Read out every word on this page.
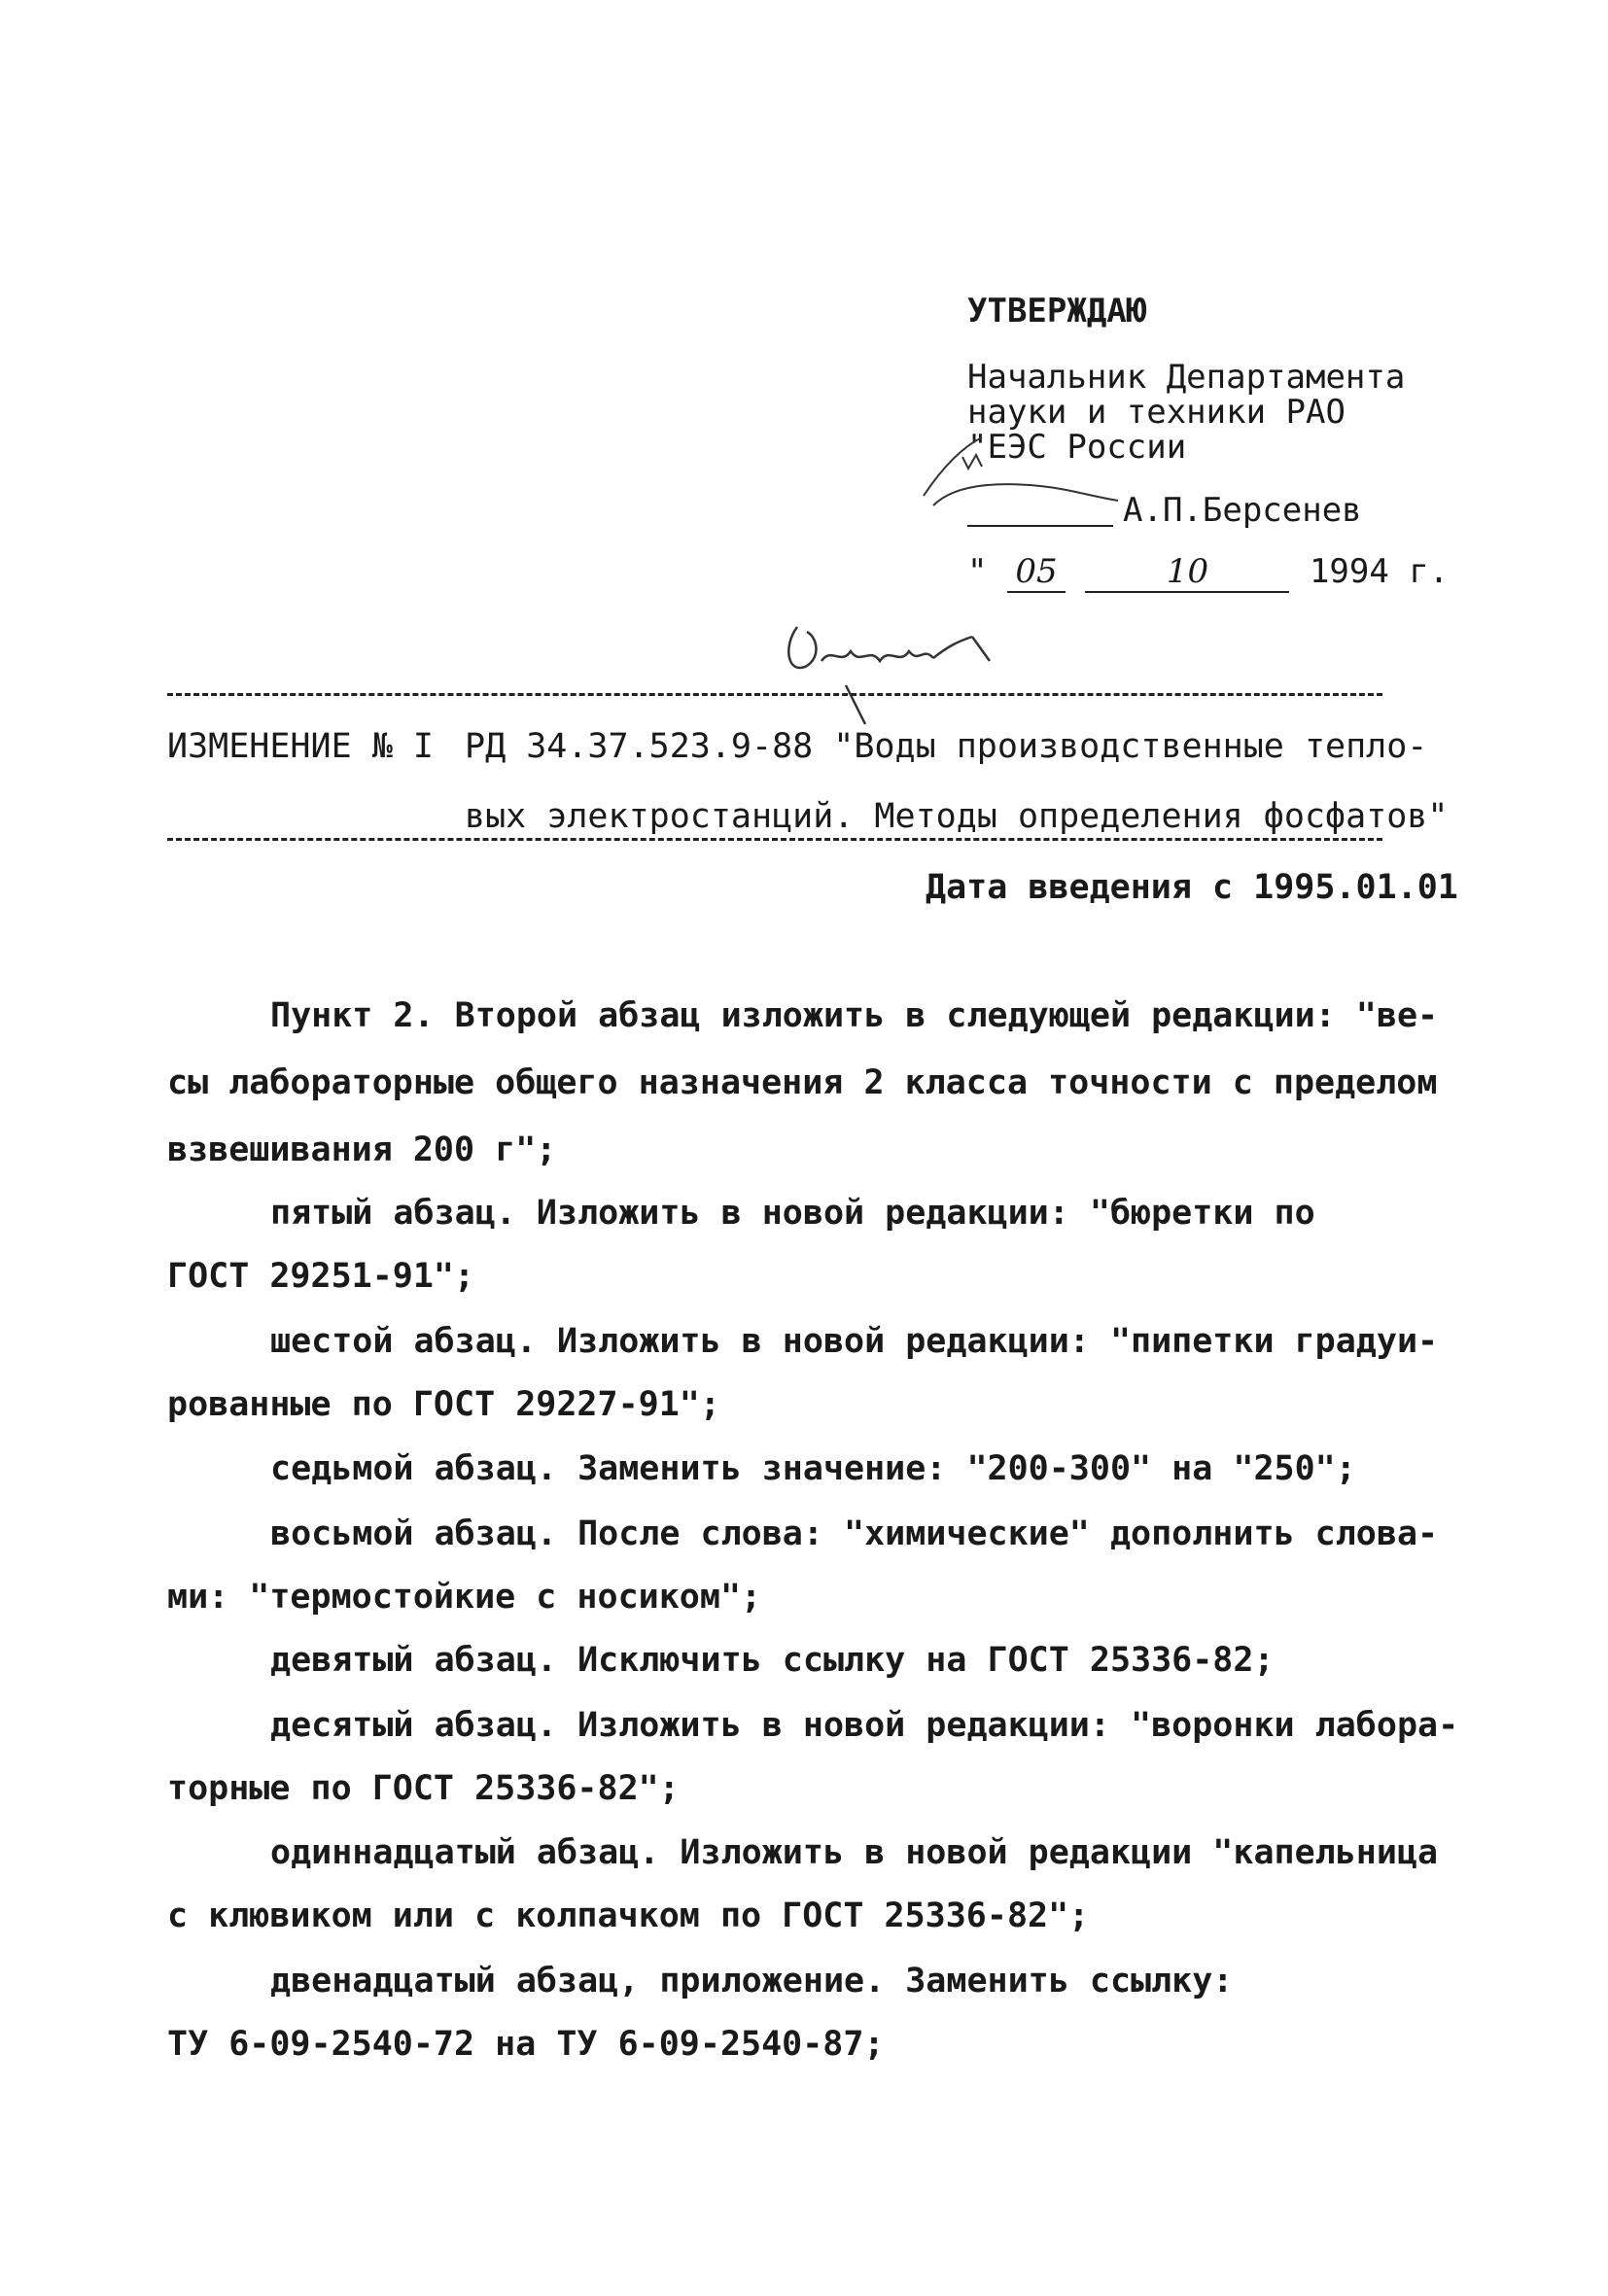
УТВЕРЖДАЮ
Начальник Департамента
науки и техники РАО
"ЕЭС России
А.П.Берсенев
" 05	10	1994 г.
ИЗМЕНЕНИЕ № I РД 34.37.523.9-88 "Воды производственные тепло-
вых электростанций. Методы определения фосфатов"
Дата введения с 1995.01.01
Пункт 2. Второй абзац изложить в следующей редакции: "ве-
сы лабораторные общего назначения 2 класса точности с пределом
взвешивания 200 г";
пятый абзац. Изложить в новой редакции: "бюретки по
ГОСТ 29251-91";
шестой абзац. Изложить в новой редакции: "пипетки градуи-
рованные по ГОСТ 29227-91";
седьмой абзац. Заменить значение: "200-300" на "250";
восьмой абзац. После слова: "химические" дополнить слова-
ми: "термостойкие с носиком";
девятый абзац. Исключить ссылку на ГОСТ 25336-82;
десятый абзац. Изложить в новой редакции: "воронки лабора-
торные по ГОСТ 25336-82";
одиннадцатый абзац. Изложить в новой редакции "капельница
с клювиком или с колпачком по ГОСТ 25336-82";
двенадцатый абзац, приложение. Заменить ссылку:
ТУ 6-09-2540-72 на ТУ 6-09-2540-87;
